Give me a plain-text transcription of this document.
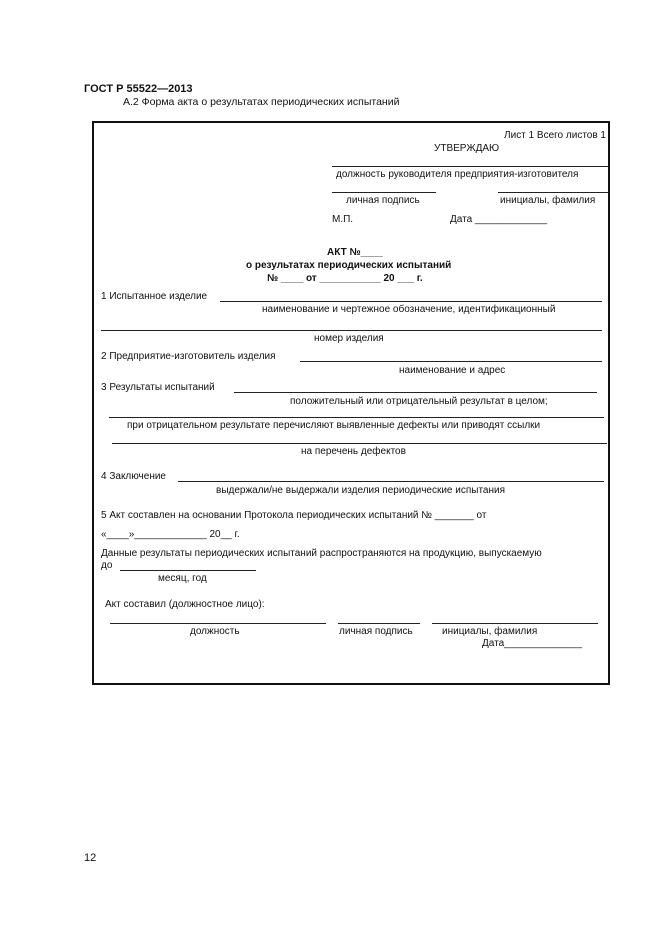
ГОСТ Р 55522—2013
А.2 Форма акта о результатах периодических испытаний
Лист 1 Всего листов 1
УТВЕРЖДАЮ
должность руководителя предприятия-изготовителя
личная подпись	инициалы, фамилия
М.П.	Дата _____________
АКТ №____
о результатах периодических испытаний
№ ____ от ___________ 20 ___ г.
1 Испытанное изделие
наименование и чертежное обозначение, идентификационный
номер изделия
2 Предприятие-изготовитель изделия
наименование и адрес
3 Результаты испытаний
положительный или отрицательный результат в целом;
при отрицательном результате перечисляют выявленные дефекты или приводят ссылки
на перечень дефектов
4 Заключение
выдержали/не выдержали изделия периодические испытания
5 Акт составлен на основании Протокола периодических испытаний № _______ от
«____»_____________ 20__ г.
Данные результаты периодических испытаний распространяются на продукцию, выпускаемую
до
месяц, год
Акт составил (должностное лицо):
должность	личная подпись	инициалы, фамилия
Дата______________
12
